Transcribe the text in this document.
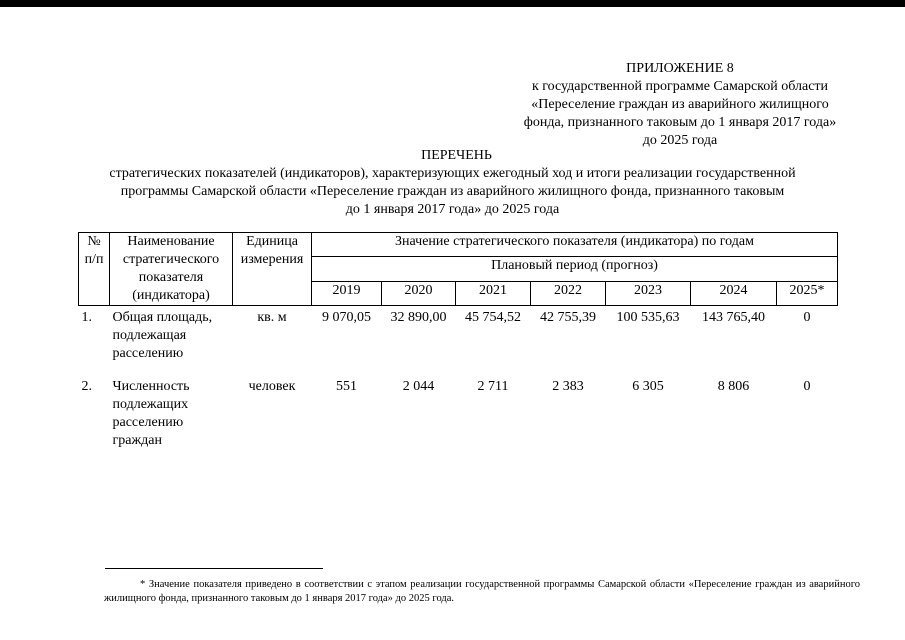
ПРИЛОЖЕНИЕ 8
к государственной программе Самарской области
«Переселение граждан из аварийного жилищного
фонда, признанного таковым до 1 января 2017 года»
до 2025 года
ПЕРЕЧЕНЬ
стратегических показателей (индикаторов), характеризующих ежегодный ход и итоги реализации государственной
программы Самарской области «Переселение граждан из аварийного жилищного фонда, признанного таковым
до 1 января 2017 года» до 2025 года
№ п/п	Наименование стратегического показателя (индикатора)	Единица измерения	Значение стратегического показателя (индикатора) по годам						
			Плановый период (прогноз)						
			2019	2020	2021	2022	2023	2024	2025*
1.	Общая площадь, подлежащая расселению	кв. м	9 070,05	32 890,00	45 754,52	42 755,39	100 535,63	143 765,40	0
2.	Численность подлежащих расселению граждан	человек	551	2 044	2 711	2 383	6 305	8 806	0
* Значение показателя приведено в соответствии с этапом реализации государственной программы Самарской области «Переселение граждан из аварийного жилищного фонда, признанного таковым до 1 января 2017 года» до 2025 года.
